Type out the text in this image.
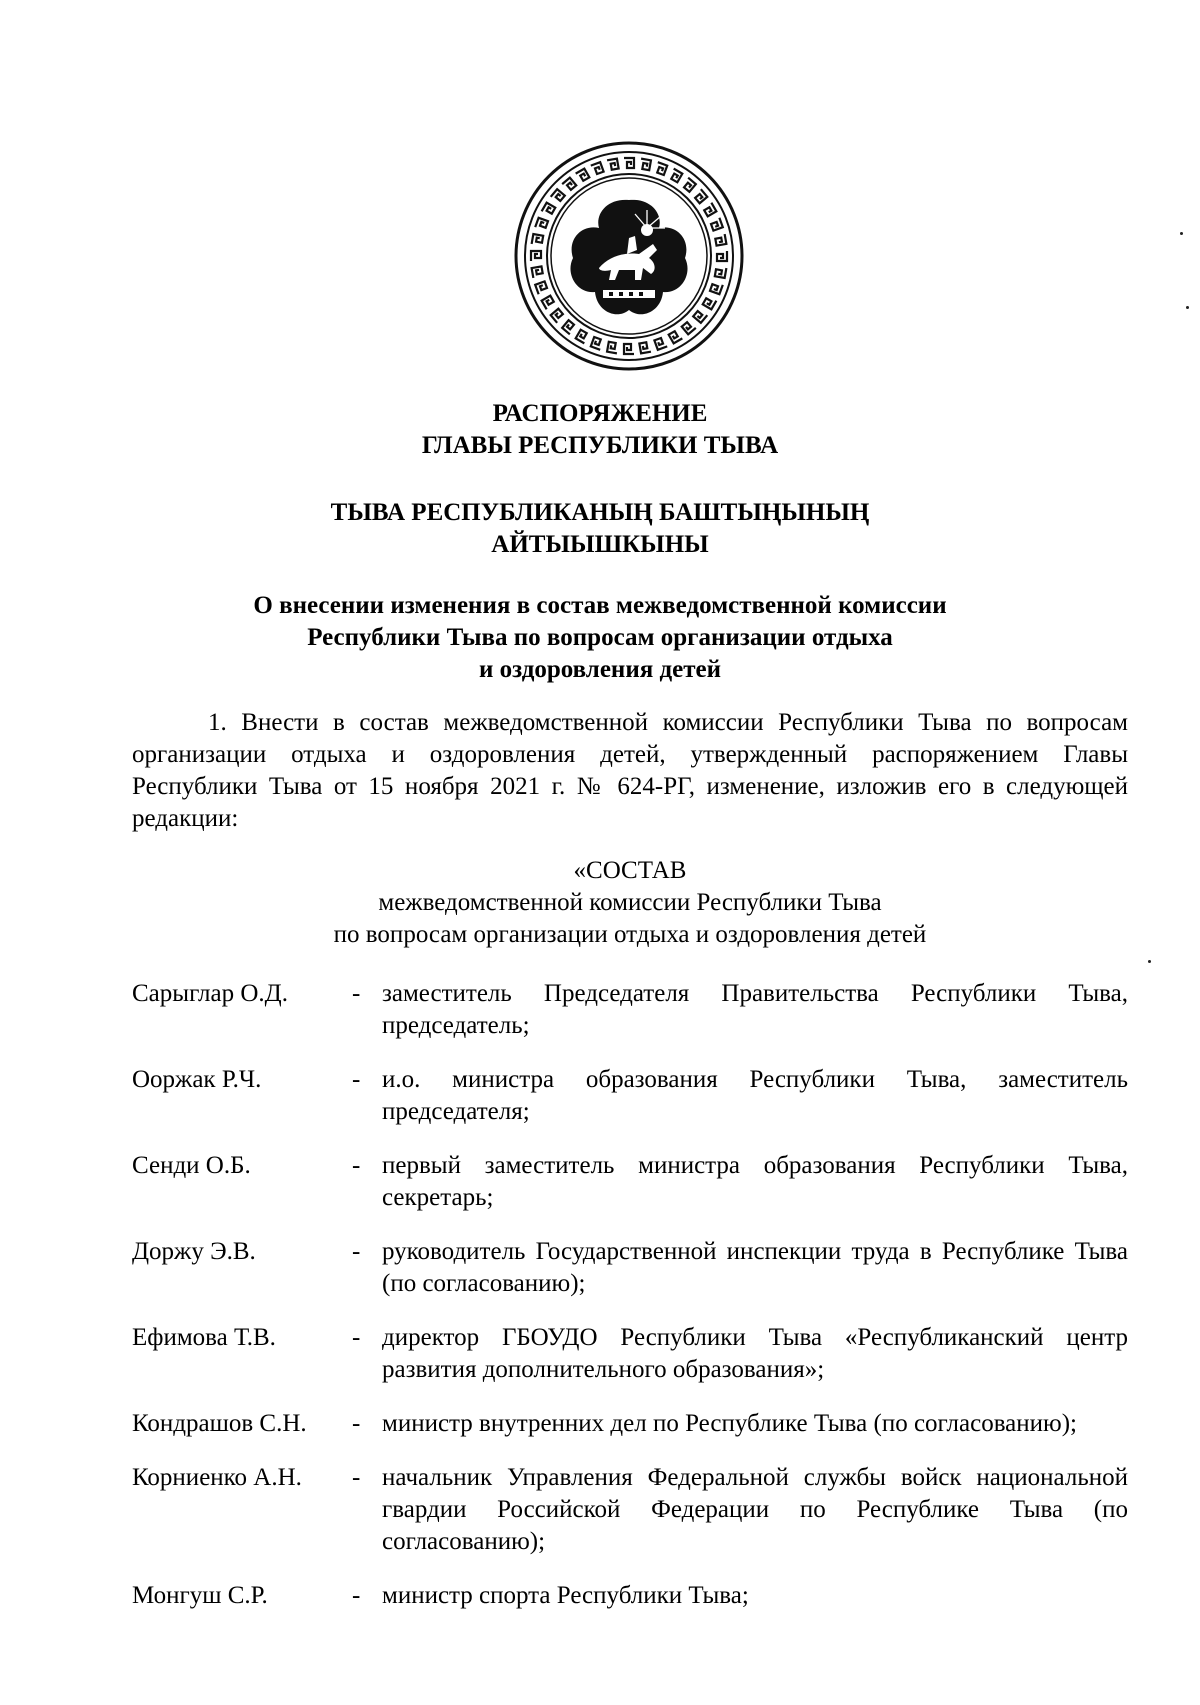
РАСПОРЯЖЕНИЕ
ГЛАВЫ РЕСПУБЛИКИ ТЫВА
ТЫВА РЕСПУБЛИКАНЫҢ БАШТЫҢЫНЫҢ
АЙТЫЫШКЫНЫ
О внесении изменения в состав межведомственной комиссии
Республики Тыва по вопросам организации отдыха
и оздоровления детей
1. Внести в состав межведомственной комиссии Республики Тыва по вопросам организации отдыха и оздоровления детей, утвержденный распоряжением Главы Республики Тыва от 15 ноября 2021 г. № 624-РГ, изменение, изложив его в следующей редакции:
«СОСТАВ
межведомственной комиссии Республики Тыва
по вопросам организации отдыха и оздоровления детей
Сарыглар О.Д.	- заместитель Председателя Правительства Республики Тыва, председатель;
Ооржак Р.Ч.	- и.о. министра образования Республики Тыва, заместитель председателя;
Сенди О.Б.	- первый заместитель министра образования Республики Тыва, секретарь;
Доржу Э.В.	- руководитель Государственной инспекции труда в Республике Тыва (по согласованию);
Ефимова Т.В.	- директор ГБОУДО Республики Тыва «Республиканский центр развития дополнительного образования»;
Кондрашов С.Н.	- министр внутренних дел по Республике Тыва (по согласованию);
Корниенко А.Н.	- начальник Управления Федеральной службы войск национальной гвардии Российской Федерации по Республике Тыва (по согласованию);
Монгуш С.Р.	- министр спорта Республики Тыва;
